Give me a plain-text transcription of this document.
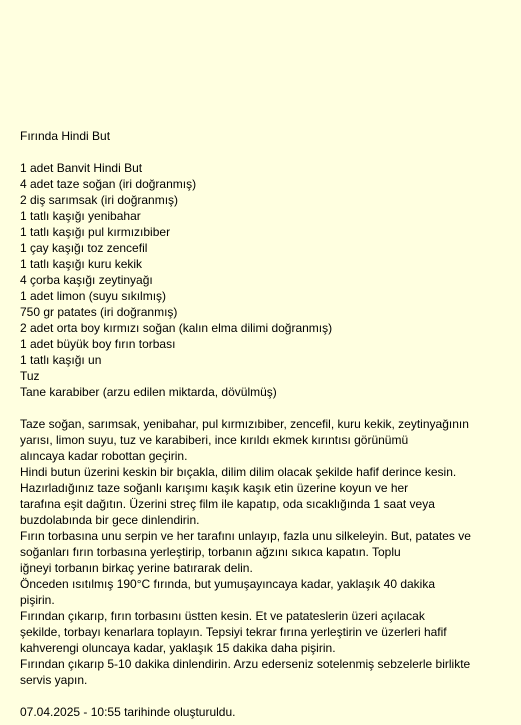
Fırında Hindi But
1 adet Banvit Hindi But
4 adet taze soğan (iri doğranmış)
2 diş sarımsak (iri doğranmış)
1 tatlı kaşığı yenibahar
1 tatlı kaşığı pul kırmızıbiber
1 çay kaşığı toz zencefil
1 tatlı kaşığı kuru kekik
4 çorba kaşığı zeytinyağı
1 adet limon (suyu sıkılmış)
750 gr patates (iri doğranmış)
2 adet orta boy kırmızı soğan (kalın elma dilimi doğranmış)
1 adet büyük boy fırın torbası
1 tatlı kaşığı un
Tuz
Tane karabiber (arzu edilen miktarda, dövülmüş)
Taze soğan, sarımsak, yenibahar, pul kırmızıbiber, zencefil, kuru kekik, zeytinyağının
yarısı, limon suyu, tuz ve karabiberi, ince kırıldı ekmek kırıntısı görünümü
alıncaya kadar robottan geçirin.
Hindi butun üzerini keskin bir bıçakla, dilim dilim olacak şekilde hafif derince kesin.
Hazırladığınız taze soğanlı karışımı kaşık kaşık etin üzerine koyun ve her
tarafına eşit dağıtın. Üzerini streç film ile kapatıp, oda sıcaklığında 1 saat veya
buzdolabında bir gece dinlendirin.
Fırın torbasına unu serpin ve her tarafını unlayıp, fazla unu silkeleyin. But, patates ve
soğanları fırın torbasına yerleştirip, torbanın ağzını sıkıca kapatın. Toplu
iğneyi torbanın birkaç yerine batırarak delin.
Önceden ısıtılmış 190°C fırında, but yumuşayıncaya kadar, yaklaşık 40 dakika
pişirin.
Fırından çıkarıp, fırın torbasını üstten kesin. Et ve patateslerin üzeri açılacak
şekilde, torbayı kenarlara toplayın. Tepsiyi tekrar fırına yerleştirin ve üzerleri hafif
kahverengi oluncaya kadar, yaklaşık 15 dakika daha pişirin.
Fırından çıkarıp 5-10 dakika dinlendirin. Arzu ederseniz sotelenmiş sebzelerle birlikte
servis yapın.
07.04.2025 - 10:55 tarihinde oluşturuldu.
